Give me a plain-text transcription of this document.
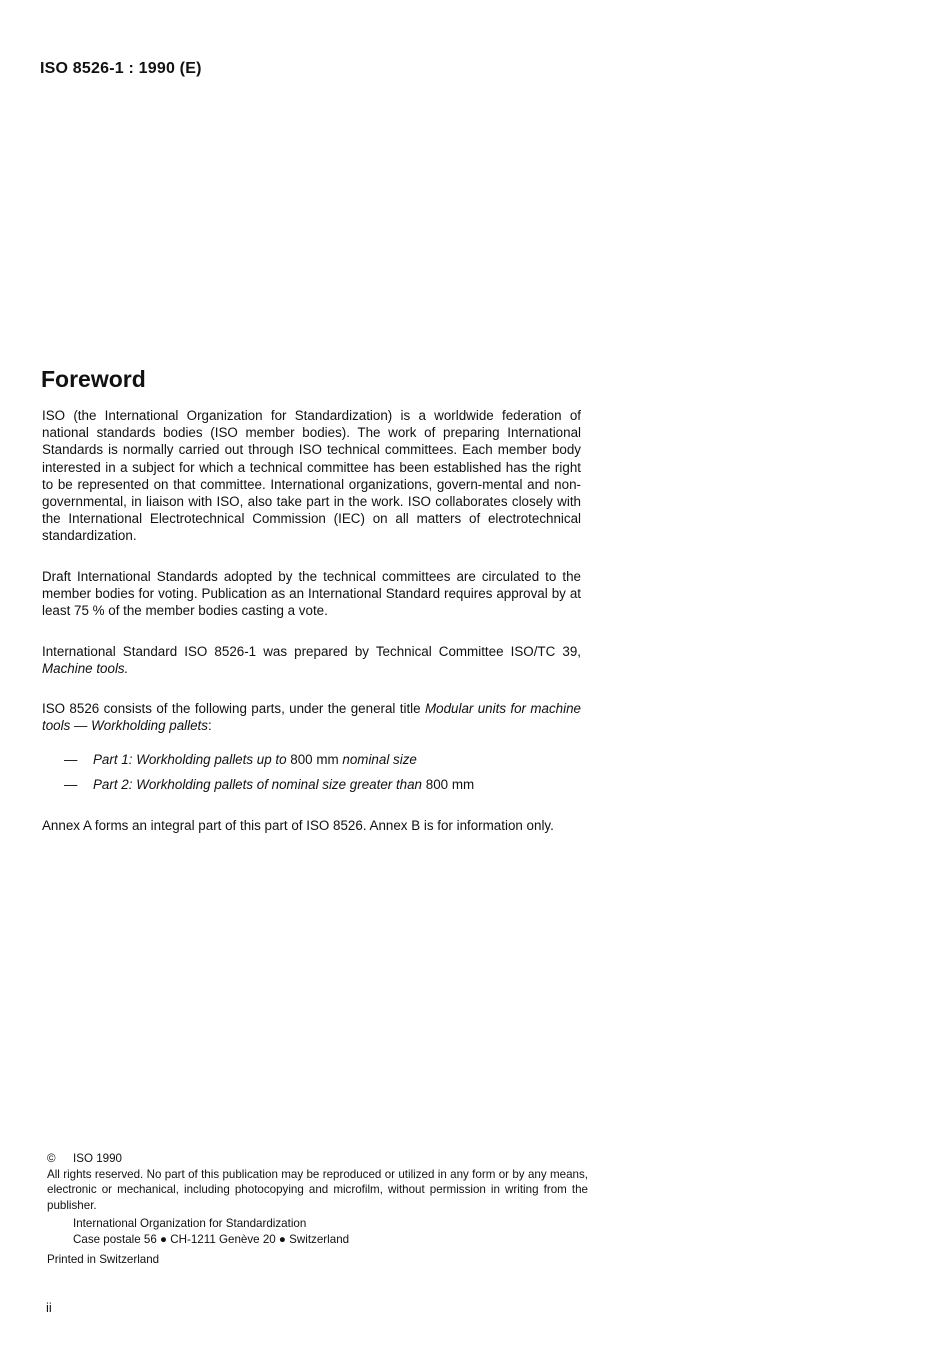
ISO 8526-1 : 1990 (E)
Foreword

ISO (the International Organization for Standardization) is a worldwide federation of national standards bodies (ISO member bodies). The work of preparing International Standards is normally carried out through ISO technical committees. Each member body interested in a subject for which a technical committee has been established has the right to be represented on that committee. International organizations, govern-mental and non-governmental, in liaison with ISO, also take part in the work. ISO collaborates closely with the International Electrotechnical Commission (IEC) on all matters of electrotechnical standardization.

Draft International Standards adopted by the technical committees are circulated to the member bodies for voting. Publication as an International Standard requires approval by at least 75 % of the member bodies casting a vote.

International Standard ISO 8526-1 was prepared by Technical Committee ISO/TC 39, Machine tools.

ISO 8526 consists of the following parts, under the general title Modular units for machine tools — Workholding pallets:

— Part 1: Workholding pallets up to 800 mm nominal size
— Part 2: Workholding pallets of nominal size greater than 800 mm

Annex A forms an integral part of this part of ISO 8526. Annex B is for information only.

© ISO 1990
All rights reserved. No part of this publication may be reproduced or utilized in any form or by any means, electronic or mechanical, including photocopying and microfilm, without permission in writing from the publisher.
International Organization for Standardization
Case postale 56 ● CH-1211 Genève 20 ● Switzerland
Printed in Switzerland
ii
